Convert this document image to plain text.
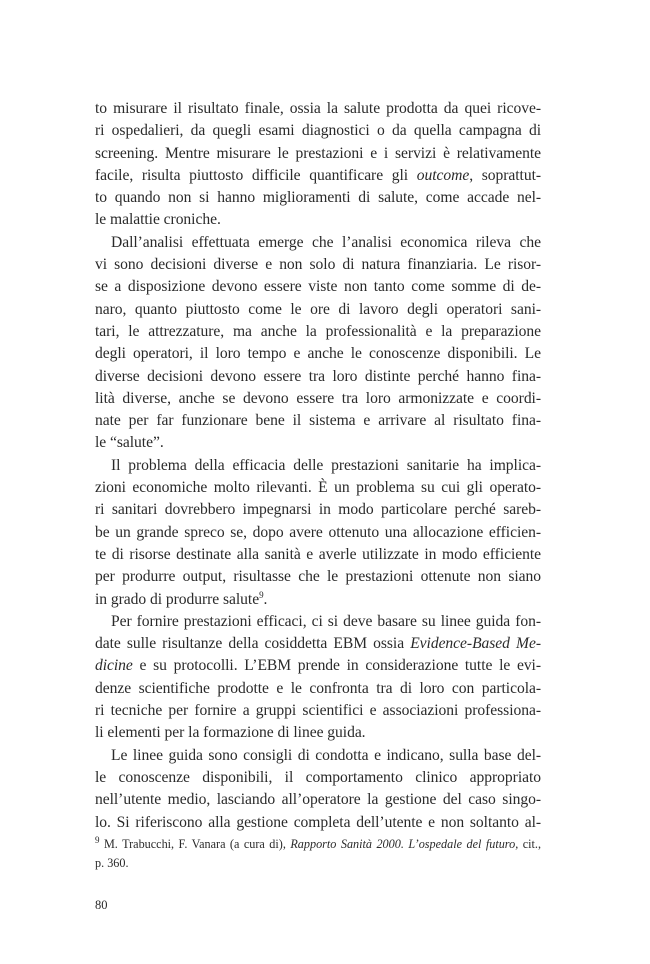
to misurare il risultato finale, ossia la salute prodotta da quei ricove-
ri ospedalieri, da quegli esami diagnostici o da quella campagna di
screening. Mentre misurare le prestazioni e i servizi è relativamente
facile, risulta piuttosto difficile quantificare gli outcome, soprattut-
to quando non si hanno miglioramenti di salute, come accade nel-
le malattie croniche.
Dall’analisi effettuata emerge che l’analisi economica rileva che
vi sono decisioni diverse e non solo di natura finanziaria. Le risor-
se a disposizione devono essere viste non tanto come somme di de-
naro, quanto piuttosto come le ore di lavoro degli operatori sani-
tari, le attrezzature, ma anche la professionalità e la preparazione
degli operatori, il loro tempo e anche le conoscenze disponibili. Le
diverse decisioni devono essere tra loro distinte perché hanno fina-
lità diverse, anche se devono essere tra loro armonizzate e coordi-
nate per far funzionare bene il sistema e arrivare al risultato fina-
le “salute”.
Il problema della efficacia delle prestazioni sanitarie ha implica-
zioni economiche molto rilevanti. È un problema su cui gli operato-
ri sanitari dovrebbero impegnarsi in modo particolare perché sareb-
be un grande spreco se, dopo avere ottenuto una allocazione efficien-
te di risorse destinate alla sanità e averle utilizzate in modo efficiente
per produrre output, risultasse che le prestazioni ottenute non siano
in grado di produrre salute$^9$.
Per fornire prestazioni efficaci, ci si deve basare su linee guida fon-
date sulle risultanze della cosiddetta EBM ossia Evidence-Based Me-
dicine e su protocolli. L’EBM prende in considerazione tutte le evi-
denze scientifiche prodotte e le confronta tra di loro con particola-
ri tecniche per fornire a gruppi scientifici e associazioni professiona-
li elementi per la formazione di linee guida.
Le linee guida sono consigli di condotta e indicano, sulla base del-
le conoscenze disponibili, il comportamento clinico appropriato
nell’utente medio, lasciando all’operatore la gestione del caso singo-
lo. Si riferiscono alla gestione completa dell’utente e non soltanto al-
$^9$ M. Trabucchi, F. Vanara (a cura di), Rapporto Sanità 2000. L’ospedale del futuro, cit.,
p. 360.
80
